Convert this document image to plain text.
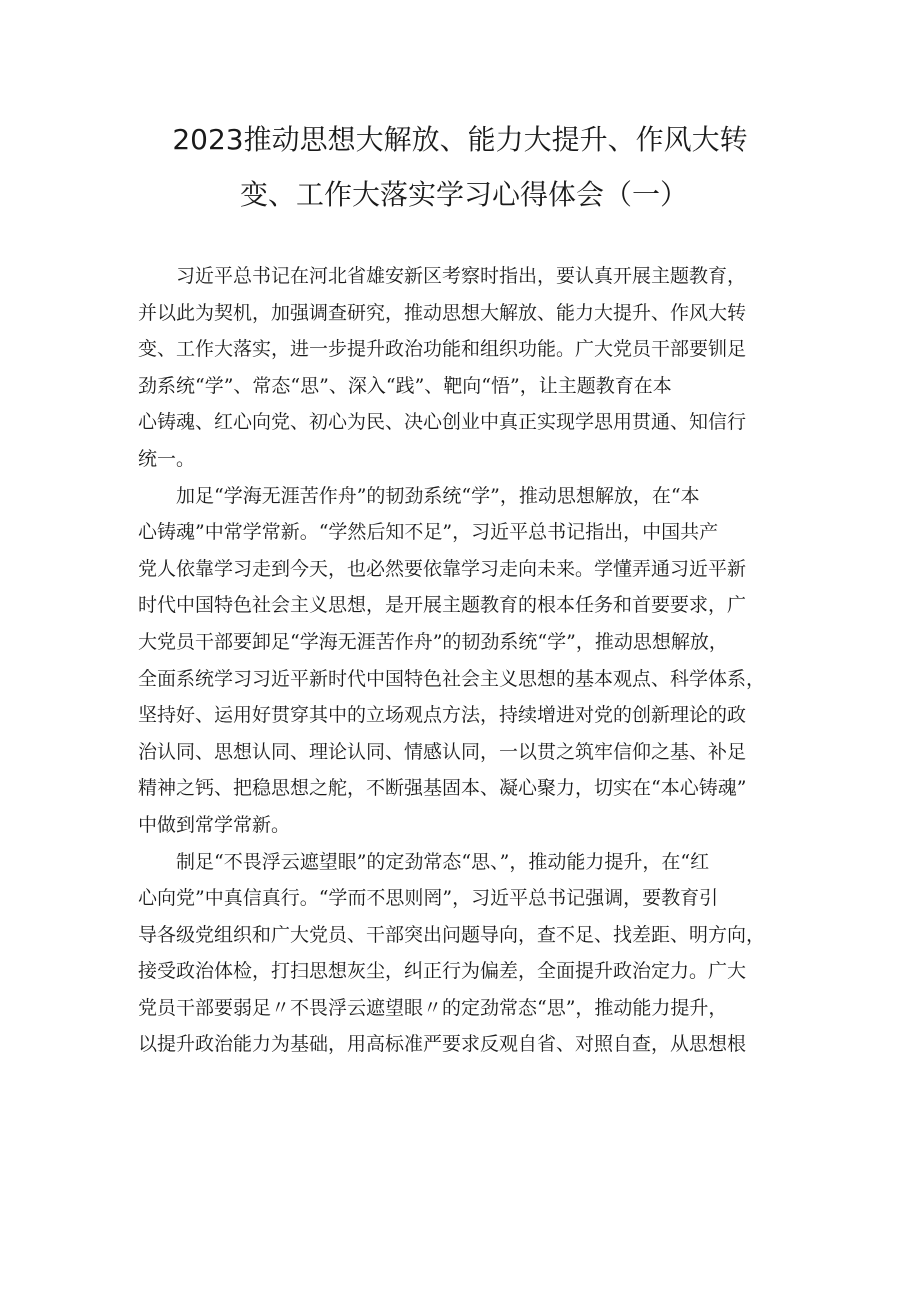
2023推动思想大解放、能力大提升、作风大转
变、工作大落实学习心得体会（一）

习近平总书记在河北省雄安新区考察时指出，要认真开展主题教育，
并以此为契机，加强调查研究，推动思想大解放、能力大提升、作风大转
变、工作大落实，进一步提升政治功能和组织功能。广大党员干部要钏足
劲系统“学”、常态“思”、深入“践”、靶向“悟”，让主题教育在本
心铸魂、红心向党、初心为民、决心创业中真正实现学思用贯通、知信行
统一。

加足“学海无涯苦作舟”的韧劲系统“学”，推动思想解放，在“本
心铸魂”中常学常新。“学然后知不足”，习近平总书记指出，中国共产
党人依靠学习走到今天，也必然要依靠学习走向未来。学懂弄通习近平新
时代中国特色社会主义思想，是开展主题教育的根本任务和首要要求，广
大党员干部要卸足“学海无涯苦作舟”的韧劲系统“学”，推动思想解放，
全面系统学习习近平新时代中国特色社会主义思想的基本观点、科学体系，
坚持好、运用好贯穿其中的立场观点方法，持续增进对党的创新理论的政
治认同、思想认同、理论认同、情感认同，一以贯之筑牢信仰之基、补足
精神之钙、把稳思想之舵，不断强基固本、凝心聚力，切实在“本心铸魂”
中做到常学常新。

制足“不畏浮云遮望眼”的定劲常态“思、”，推动能力提升，在“红
心向党”中真信真行。“学而不思则罔”，习近平总书记强调，要教育引
导各级党组织和广大党员、干部突出问题导向，查不足、找差距、明方向，
接受政治体检，打扫思想灰尘，纠正行为偏差，全面提升政治定力。广大
党员干部要弱足〃不畏浮云遮望眼〃的定劲常态“思”，推动能力提升，
以提升政治能力为基础，用高标准严要求反观自省、对照自查，从思想根
